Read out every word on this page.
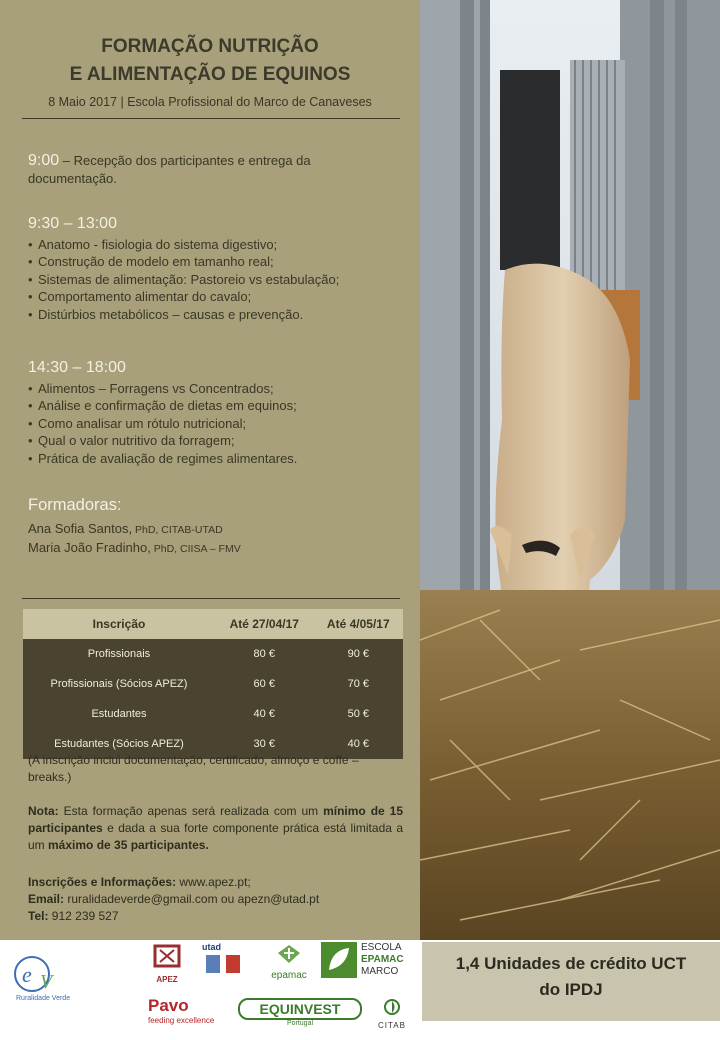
FORMAÇÃO NUTRIÇÃO
E ALIMENTAÇÃO DE EQUINOS
8 Maio 2017 | Escola Profissional do Marco de Canaveses
9:00 – Recepção dos participantes e entrega da documentação.
9:30 – 13:00
• Anatomo - fisiologia do sistema digestivo;
• Construção de modelo em tamanho real;
• Sistemas de alimentação: Pastoreio vs estabulação;
• Comportamento alimentar do cavalo;
• Distúrbios metabólicos – causas e prevenção.
14:30 – 18:00
• Alimentos – Forragens vs Concentrados;
• Análise e confirmação de dietas em equinos;
• Como analisar um rótulo nutricional;
• Qual o valor nutritivo da forragem;
• Prática de avaliação de regimes alimentares.
Formadoras:
Ana Sofia Santos, PhD, CITAB-UTAD
Maria João Fradinho, PhD, CIISA – FMV
Inscrição	Até 27/04/17	Até 4/05/17
Profissionais	80 €	90 €
Profissionais (Sócios APEZ)	60 €	70 €
Estudantes	40 €	50 €
Estudantes (Sócios APEZ)	30 €	40 €
(A inscrição inclui documentação, certificado, almoço e coffe – breaks.)
Nota: Esta formação apenas será realizada com um mínimo de 15 participantes e dada a sua forte componente prática está limitada a um máximo de 35 participantes.
Inscrições e Informações: www.apez.pt;
Email: ruralidadeverde@gmail.com ou apezn@utad.pt
Tel: 912 239 527
e V
Ruralidade Verde
APEZ
utad
epamac
ESCOLA
EPAMAC
MARCO
Pavo
feeding excellence
EQUINVEST
Portugal	CITAB
1,4 Unidades de crédito UCT
do IPDJ
